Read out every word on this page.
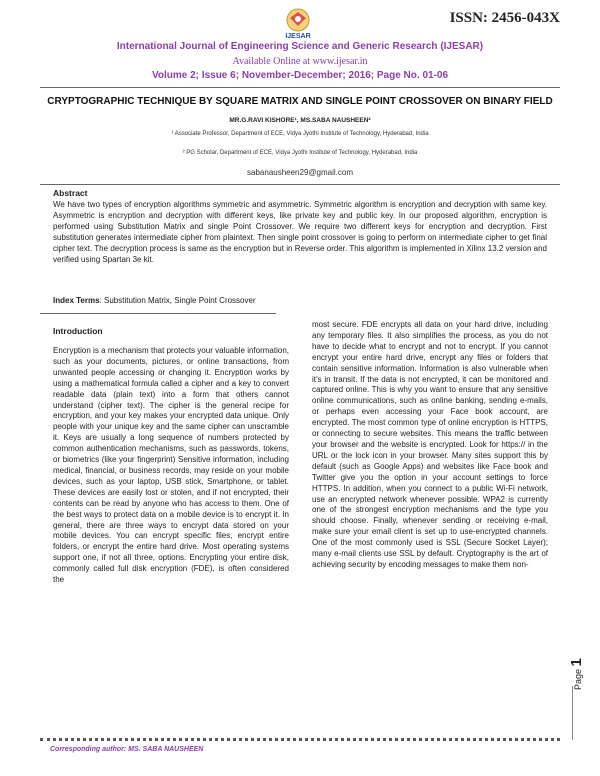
IJESAR
ISSN: 2456-043X
International Journal of Engineering Science and Generic Research (IJESAR)
Available Online at www.ijesar.in
Volume 2; Issue 6; November-December; 2016; Page No. 01-06
CRYPTOGRAPHIC TECHNIQUE BY SQUARE MATRIX AND SINGLE POINT CROSSOVER ON BINARY FIELD
MR.G.RAVI KISHORE¹, MS.SABA NAUSHEEN²
¹ Associate Professor, Department of ECE, Vidya Jyothi Institute of Technology, Hyderabad, India
² PG Scholar, Department of ECE, Vidya Jyothi Institute of Technology, Hyderabad, India
sabanausheen29@gmail.com
Abstract
We have two types of encryption algorithms symmetric and asymmetric. Symmetric algorithm is encryption and decryption with same key. Asymmetric is encryption and decryption with different keys, like private key and public key. In our proposed algorithm, encryption is performed using Substitution Matrix and single Point Crossover. We require two different keys for encryption and decryption. First substitution generates intermediate cipher from plaintext. Then single point crossover is going to perform on intermediate cipher to get final cipher text. The decryption process is same as the encryption but in Reverse order. This algorithm is implemented in Xilinx 13.2 version and verified using Spartan 3e kit.
Index Terms: Substitution Matrix, Single Point Crossover
Introduction
Encryption is a mechanism that protects your valuable information, such as your documents, pictures, or online transactions, from unwanted people accessing or changing it. Encryption works by using a mathematical formula called a cipher and a key to convert readable data (plain text) into a form that others cannot understand (cipher text). The cipher is the general recipe for encryption, and your key makes your encrypted data unique. Only people with your unique key and the same cipher can unscramble it. Keys are usually a long sequence of numbers protected by common authentication mechanisms, such as passwords, tokens, or biometrics (like your fingerprint) Sensitive information, including medical, financial, or business records, may reside on your mobile devices, such as your laptop, USB stick, Smartphone, or tablet. These devices are easily lost or stolen, and if not encrypted, their contents can be read by anyone who has access to them. One of the best ways to protect data on a mobile device is to encrypt it. In general, there are three ways to encrypt data stored on your mobile devices. You can encrypt specific files, encrypt entire folders, or encrypt the entire hard drive. Most operating systems support one, if not all three, options. Encrypting your entire disk, commonly called full disk encryption (FDE), is often considered the
most secure. FDE encrypts all data on your hard drive, including any temporary files. It also simplifies the process, as you do not have to decide what to encrypt and not to encrypt. If you cannot encrypt your entire hard drive, encrypt any files or folders that contain sensitive information. Information is also vulnerable when it’s in transit. If the data is not encrypted, it can be monitored and captured online. This is why you want to ensure that any sensitive online communications, such as online banking, sending e-mails, or perhaps even accessing your Face book account, are encrypted. The most common type of online encryption is HTTPS, or connecting to secure websites. This means the traffic between your browser and the website is encrypted. Look for https:// in the URL or the lock icon in your browser. Many sites support this by default (such as Google Apps) and websites like Face book and Twitter give you the option in your account settings to force HTTPS. In addition, when you connect to a public Wi-Fi network, use an encrypted network whenever possible. WPA2 is currently one of the strongest encryption mechanisms and the type you should choose. Finally, whenever sending or receiving e-mail, make sure your email client is set up to use-encrypted channels. One of the most commonly used is SSL (Secure Socket Layer); many e-mail clients use SSL by default. Cryptography is the art of achieving security by encoding messages to make them non-
Corresponding author: MS. SABA NAUSHEEN
Page 1
